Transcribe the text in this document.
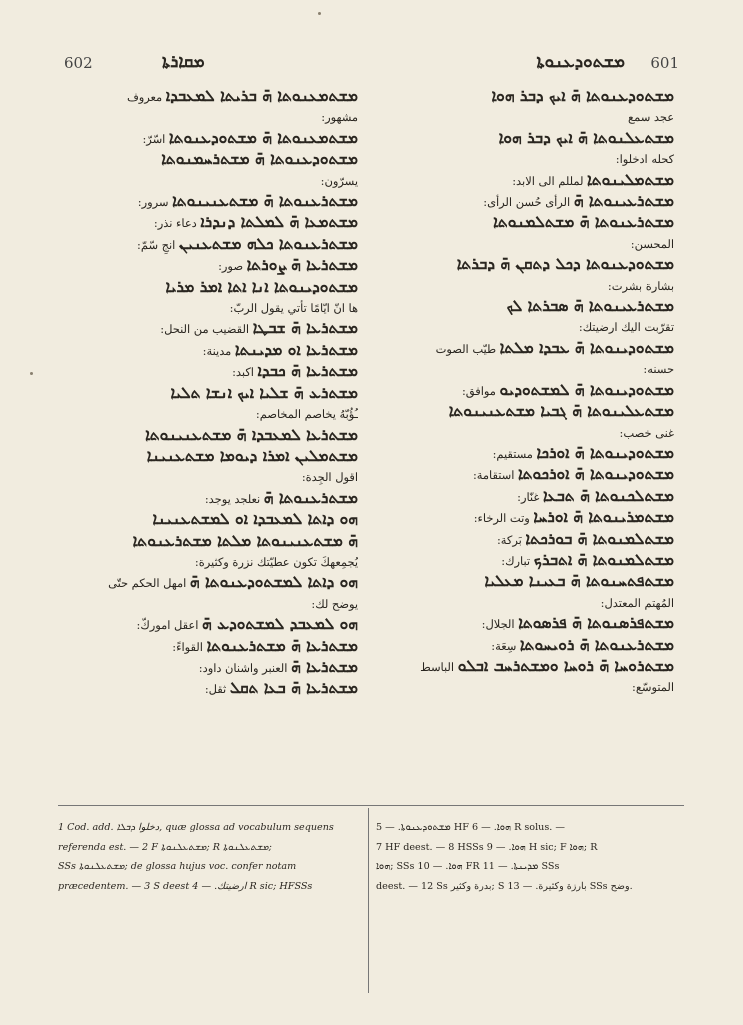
602	ܡܩܐܪܬܐ	ܡܫܬܘܕܥܢܘܬܐ 601

ܡܫܬܘܕܥܢܘܬܐ ܗ̄ ܐܝܟ ܕܒܪ ܗܘܐ

عجد سمع

ܡܫܬܥܠܢܘܬܐ ܗ̄ ܐܝܟ ܕܒܪ ܗܘܐ

كحله ادخلوا:

ܡܫܬܡܠܝܢܘܬܐ لمللم الى الابد:

ܡܫܬܪܥܝܢܘܬܐ ܗ̄ الرأى حُسن الرأى:

ܡܫܬܪܥܢܘܬܐ ܗ̄ ܡܫܬܠܡܢܘܬܐ

المحسن:

ܡܫܬܘܕܥܢܘܬܐ ܕܟܠ ܕܬܩܢ ܗ̄ ܕܒܪܬܐ

بشارة بشرت:

ܡܫܬܪܥܝܢܘܬܐ ܗ̄ ܣܒܪܬܐ ܠܟ

تقرّبت اليك ارضيتك:

ܡܫܬܘܕܝܢܘܬܐ ܗ̄ ܥܒܕܐ ܡܠܬܐ طيّب الصوت

حسنه:

ܡܫܬܘܕܝܢܘܬܐ ܗ̄ ܠܡܫܬܘܕܝܘ موافق:

ܡܫܬܥܠܝܢܘܬܐ ܗ̄ ܓܒܝܐ ܡܫܬܥܢܝܢܘܬܐ

غنى خصب:

ܡܫܬܘܕܝܢܘܬܐ ܗ̄ ܐܘܪܟܐ مستقيم:

ܡܫܬܘܕܝܢܘܬܐ ܗ̄ ܐܘܪܟܘܬܐ استقامة:

ܡܫܬܠܟܢܘܬܐ ܗ̄ ܬܒܥܐ غنّار:

ܡܫܬܡܪܝܢܘܬܐ ܗ̄ ܐܘܪܚܐ وتت الرخاء:

ܡܫܬܠܡܢܘܬܐ ܗ̄ ܒܘܪܟܬܐ بَركة:

ܡܫܬܠܡܢܘܬܐ ܗ̄ ܐܬܒܪܟ تبارك:

ܡܫܬܦܬܚܢܘܬܐ ܗ̄ ܒܥܝܢܐ ܡܥܠܝܐ

المُهتم المعتدل:

ܡܫܬܦܪܣܢܘܬܐ ܗ̄ ܦܪܣܘܬܐ الجلال:

ܡܫܬܪܥܢܘܬܐ ܗ̄ ܪܘܝܚܘܬܐ سِعَة:

ܡܫܬܪܘܚܐ ܗ̄ ܪܘܚܐ ܘܡܫܬܪܚܒ ܐܒܠܘ الباسط

المتوسّع:

ܡܫܬܡܥܢܘܬܐ ܗ̄ ܒܪܝܬܐ ܠܡܥܒܕܐ معروف

مشهور:

ܡܫܬܡܥܢܘܬܐ ܗ̄ ܡܫܬܘܕܥܢܘܬܐ اسّرّ:

ܡܫܬܘܕܥܢܘܬܐ ܗ̄ ܡܫܬܪܚܡܢܘܬܐ

يسرّون:

ܡܫܬܪܥܢܘܬܐ ܗ̄ ܡܫܬܥܢܝܢܘܬܐ سرور:

ܡܫܬܡܥܐ ܗ̄ ܠܡܠܬܐ ܕܢܕܪܐ دعاء نذر:

ܡܫܬܪܥܢܘܬܐ ܟܠܗ ܡܫܬܥܢܝܢ انجِ سّمّ:

ܡܫܬܪܥܐ ܗ̄ ܨܘܪܬܐ صور:

ܡܫܬܘܕܝܢܘܬܐ ܐܢܐ ܐܬܐ ܐܡܪ ܡܪܝܐ

ها انّ ايّامًا تأتي يقول الربّ:

ܡܫܬܪܥܐ ܗ̄ ܫܒܛܐ القضيب من النحل:

ܡܫܬܪܥܐ ܐܘ ܡܕܝܢܬܐ مدينة:

ܡܫܬܪܥܐ ܗ̄ ܟܒܕܐ اكبد:

ܡܫܬܪܥ ܗ̄ ܫܠܝܐ ܐܝܟ ܐܢܫܐ ܬܠܝܐ

ـُؤُبّهُ يخاصم المخاصم:

ܡܫܬܪܥܐ ܠܡܥܒܕܐ ܗ̄ ܡܫܬܥܢܝܢܘܬܐ

ܡܫܬܡܠܝܢ ܐܡܪܐ ܕܝܘܡܐ ܡܫܬܥܢܝܢܐ

اقول الجِدة:

ܡܫܬܪܥܢܘܬܐ ܗ̄ نعلجد يوجد:

ܗܘ ܕܐܬܐ ܠܡܥܒܕܐ ܐܘ ܠܡܫܬܥܢܝܢܐ

ܗ̄ ܡܫܬܥܢܝܢܘܬܐ ܡܠܬܐ ܡܫܬܪܥܢܘܬܐ

يُجمِعهكَ تكون عطيّتك نزرة وكثيرة:

ܗܘ ܕܐܬܐ ܠܡܫܬܘܕܥܢܘܬܐ ܗ̄ امهل الحكم حتّى

يوضح لك:

ܗܘ ܠܡܥܒܕ ܠܡܫܬܘܕܥ ܗ̄ اعقل اموركّ:

ܡܫܬܪܥܐ ܗ̄ ܡܫܬܪܥܢܘܬܐ القواءً:

ܡܫܬܪܥܐ ܗ̄ العنبر واشنان داود:

ܡܫܬܪܥܐ ܗ̄ ܒܥܐ ܬܩܠ ثقل:

1 Cod. add. دخلوا ܕܒܠܐ, quæ glossa ad vocabulum sequens

referenda est. — 2 F ܡܫܬܥܠܢܘܬܐ; R ܡܫܬܥܠܢܘܬܐ;

SSs ܡܫܬܥܠܢܘܬܐ; de glossa hujus voc. confer notam

præcedentem. — 3 S deest ارضيتك. — 4 R sic; HFSSs

ܡܫܬܘܕܥܢܘܬܐ. — 5 HF ܗܘܐ. — 6 R solus. —

7 HF deest. — 8 HSSs ܗܘܐ. — 9 H sic; F ܗܘܐ; R

ܗܘܐ; SSs ܗܘܐ. — 10 FR ܡܕܝܢܬܐ. — 11 SSs

deest. — 12 Ss بدرة وكثير; S بارزة وكثيرة. — 13 SSs وضح.
